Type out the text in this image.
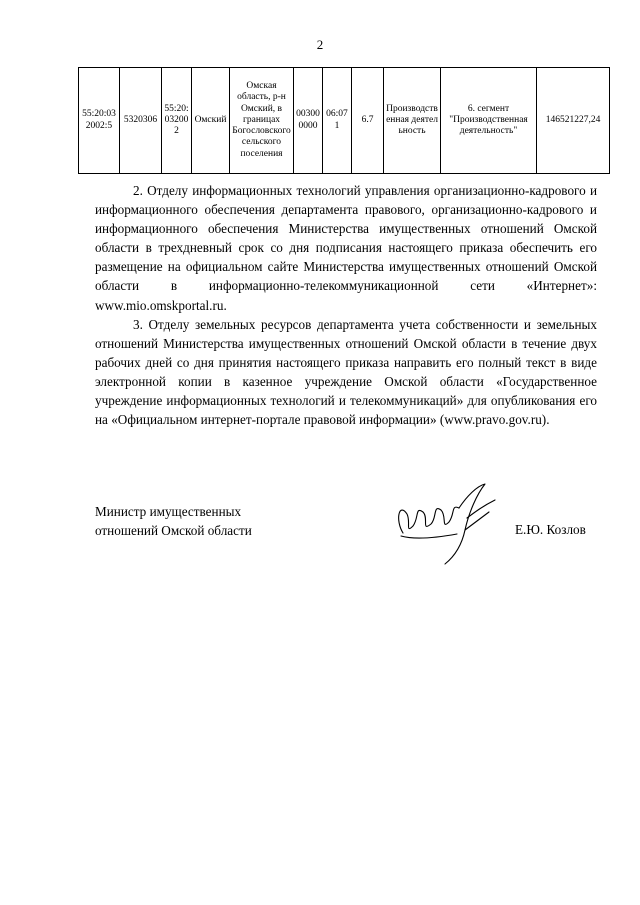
2
55:20:032002:5	5320306	55:20:032002	Омский	Омская область, р-н Омский, в границах Богословского сельского поселения	003000000	06:071	6.7	Производственная деятельность	6. сегмент "Производственная деятельность"	146521227,24

2. Отделу информационных технологий управления организационно-кадрового и информационного обеспечения департамента правового, организационно-кадрового и информационного обеспечения Министерства имущественных отношений Омской области в трехдневный срок со дня подписания настоящего приказа обеспечить его размещение на официальном сайте Министерства имущественных отношений Омской области в информационно-телекоммуникационной сети «Интернет»: www.mio.omskportal.ru.

3. Отделу земельных ресурсов департамента учета собственности и земельных отношений Министерства имущественных отношений Омской области в течение двух рабочих дней со дня принятия настоящего приказа направить его полный текст в виде электронной копии в казенное учреждение Омской области «Государственное учреждение информационных технологий и телекоммуникаций» для опубликования его на «Официальном интернет-портале правовой информации» (www.pravo.gov.ru).

Министр имущественных
отношений Омской области	Е.Ю. Козлов
